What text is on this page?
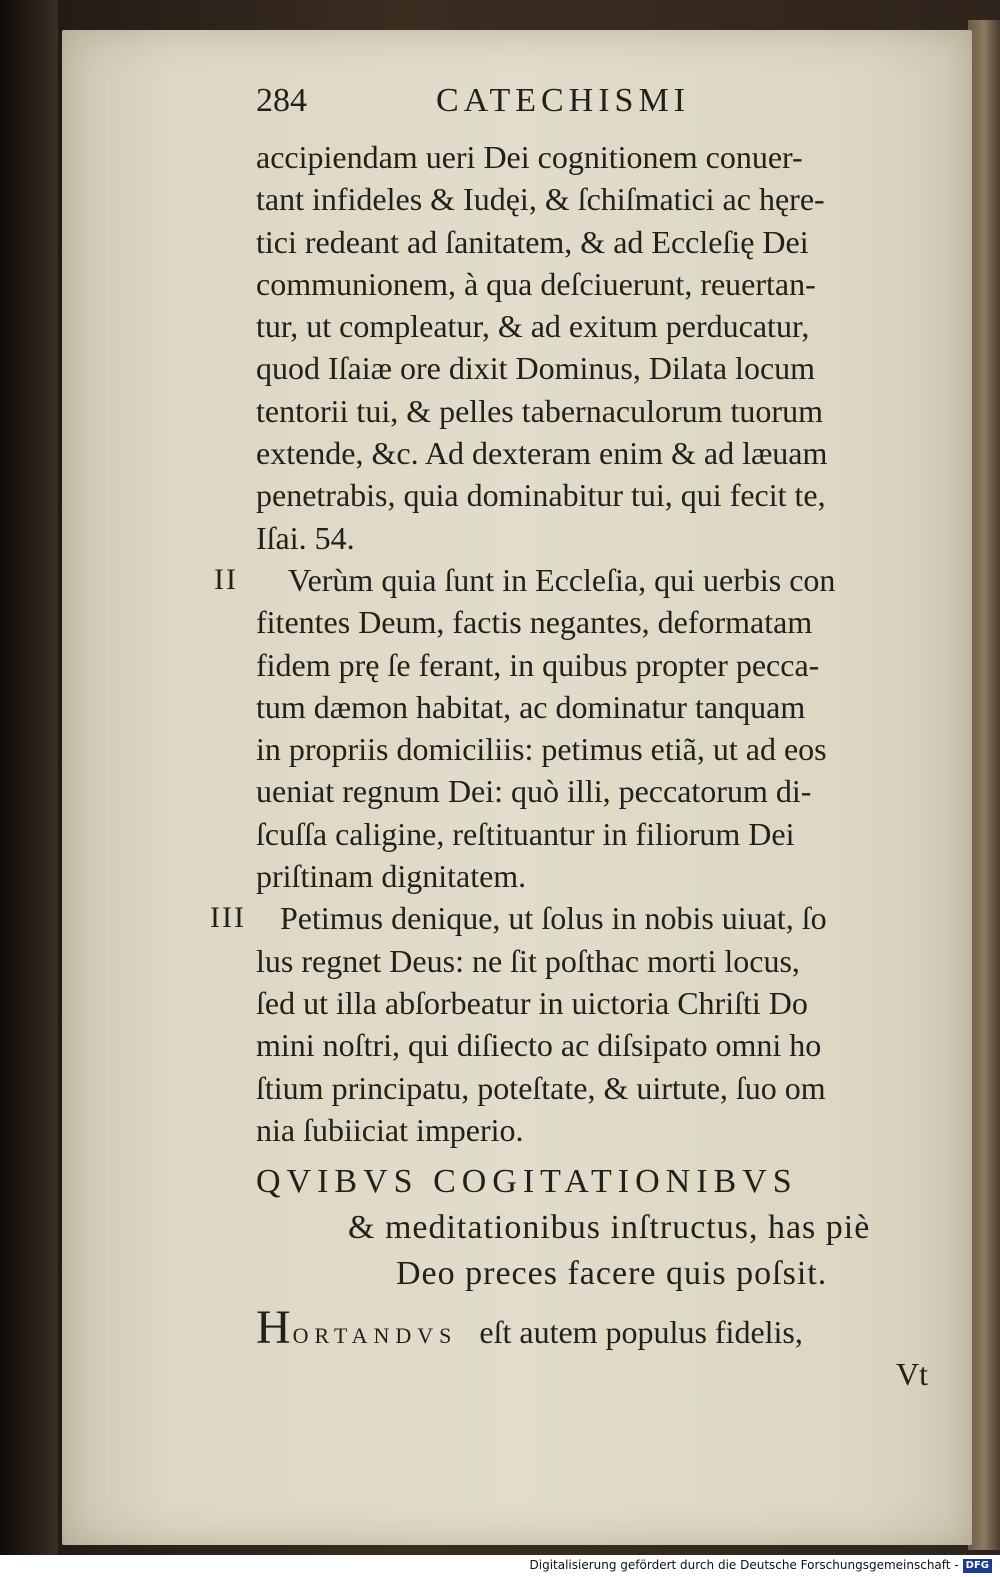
284	CATECHISMI
accipiendam ueri Dei cognitionem conuer-
tant infideles & Iudęi, & ſchiſmatici ac hęre-
tici redeant ad ſanitatem, & ad Eccleſię Dei
communionem, à qua deſciuerunt, reuertan-
tur, ut compleatur, & ad exitum perducatur,
quod Iſaiæ ore dixit Dominus, Dilata locum
tentorii tui, & pelles tabernaculorum tuorum
extende, &c. Ad dexteram enim & ad læuam
penetrabis, quia dominabitur tui, qui fecit te,
Iſai. 54.
II Verùm quia ſunt in Eccleſia, qui uerbis con
fitentes Deum, factis negantes, deformatam
fidem prę ſe ferant, in quibus propter pecca-
tum dæmon habitat, ac dominatur tanquam
in propriis domiciliis: petimus etiã, ut ad eos
ueniat regnum Dei: quò illi, peccatorum di-
ſcuſſa caligine, reſtituantur in filiorum Dei
priſtinam dignitatem.
III Petimus denique, ut ſolus in nobis uiuat, ſo
lus regnet Deus: ne ſit poſthac morti locus,
ſed ut illa abſorbeatur in uictoria Chriſti Do
mini noſtri, qui diſiecto ac diſsipato omni ho
ſtium principatu, poteſtate, & uirtute, ſuo om
nia ſubiiciat imperio.
QVIBVS COGITATIONIBVS
& meditationibus inſtructus, has piè
Deo preces facere quis poſsit.
HORTANDVS eſt autem populus fidelis,
Vt
Digitalisierung gefördert durch die Deutsche Forschungsgemeinschaft - DFG
